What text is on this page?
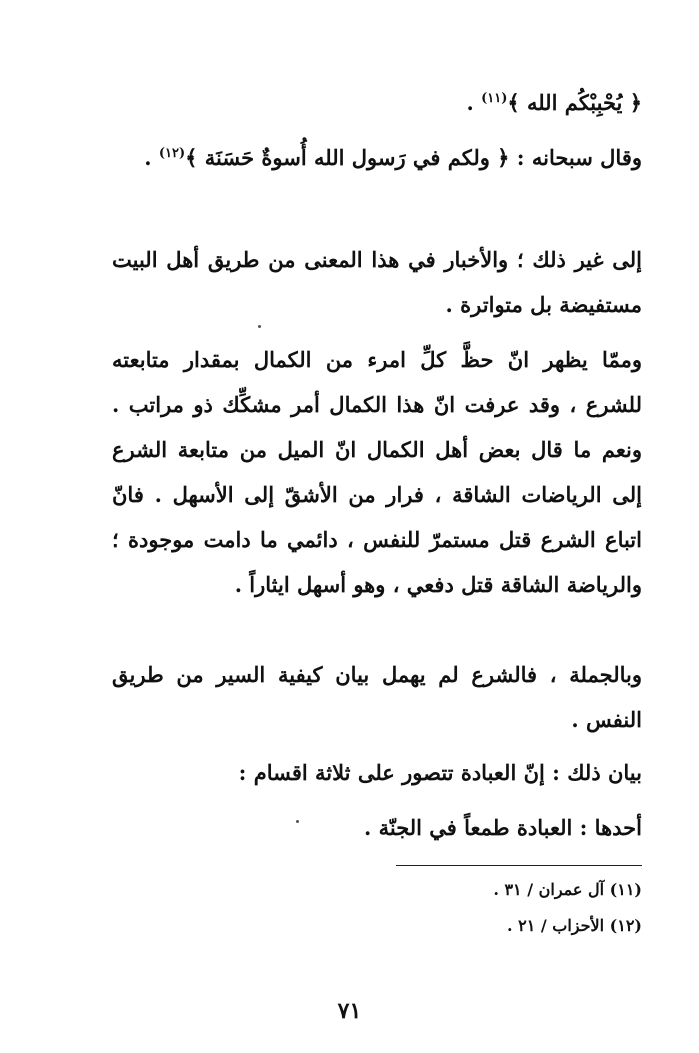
﴿ يُحْبِبْكُم الله ﴾$^{(١١)}$ .

وقال سبحانه : ﴿ ولكم في رَسول الله أُسوةٌ حَسَنَة ﴾$^{(١٢)}$ .

إلى غير ذلك ؛ والأخبار في هذا المعنى من طريق أهل البيت مستفيضة بل متواترة .

وممّا يظهر انّ حظَّ كلِّ امرء من الكمال بمقدار متابعته للشرع ، وقد عرفت انّ هذا الكمال أمر مشكِّك ذو مراتب . ونعم ما قال بعض أهل الكمال انّ الميل من متابعة الشرع إلى الرياضات الشاقة ، فرار من الأشقّ إلى الأسهل . فانّ اتباع الشرع قتل مستمرّ للنفس ، دائمي ما دامت موجودة ؛ والرياضة الشاقة قتل دفعي ، وهو أسهل ايثاراً .

وبالجملة ، فالشرع لم يهمل بيان كيفية السير من طريق النفس .

بيان ذلك : إنّ العبادة تتصور على ثلاثة اقسام :

أحدها : العبادة طمعاً في الجنّة .

(١١) آل عمران / ٣١ .

(١٢) الأحزاب / ٢١ .

٧١
